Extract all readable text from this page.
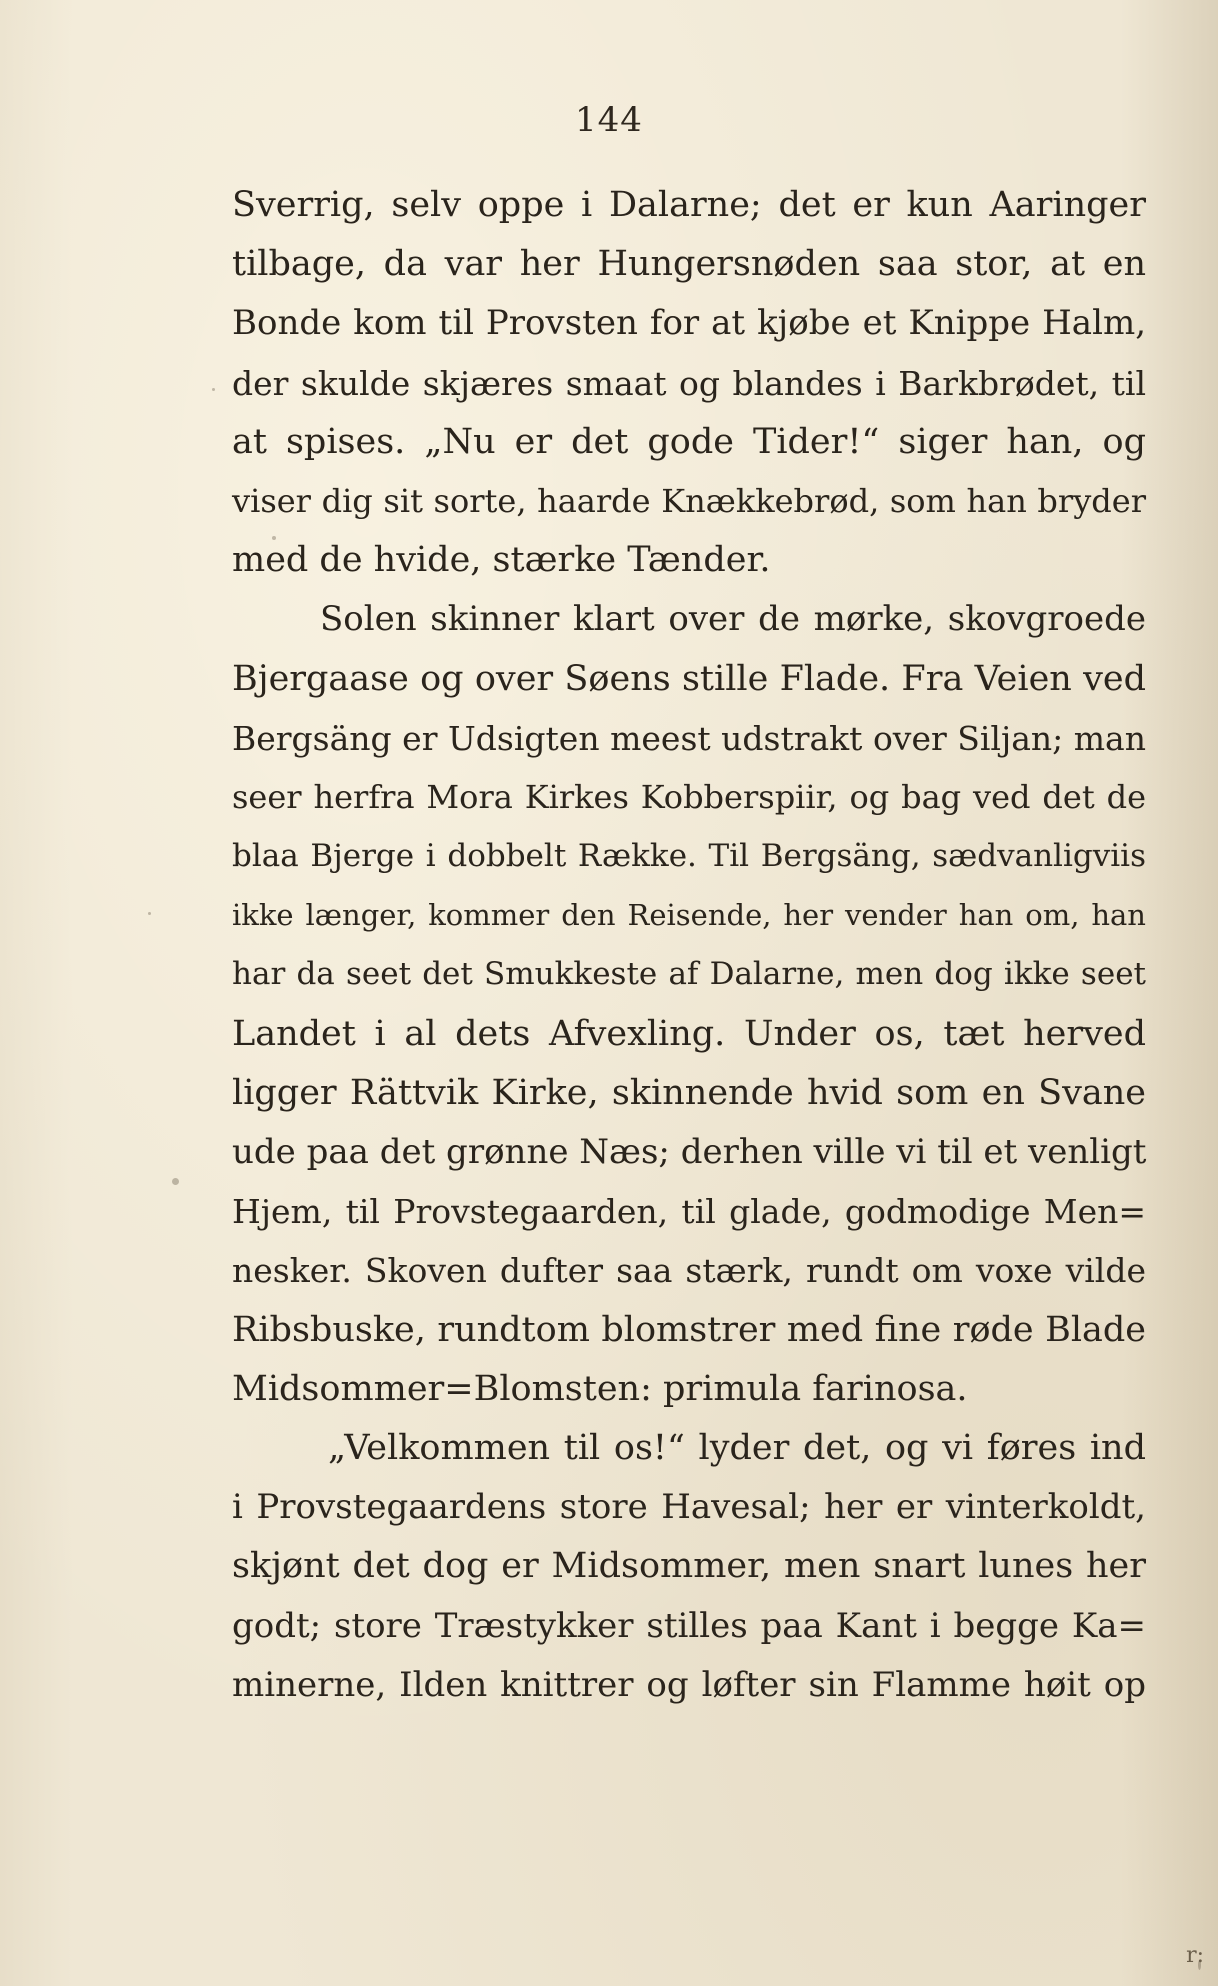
144
Sverrig, selv oppe i Dalarne; det er kun Aaringer
tilbage, da var her Hungersnøden saa stor, at en
Bonde kom til Provsten for at kjøbe et Knippe Halm,
der skulde skjæres smaat og blandes i Barkbrødet, til
at spises. „Nu er det gode Tider!“ siger han, og
viser dig sit sorte, haarde Knækkebrød, som han bryder
med de hvide, stærke Tænder.
Solen skinner klart over de mørke, skovgroede
Bjergaase og over Søens stille Flade. Fra Veien ved
Bergsäng er Udsigten meest udstrakt over Siljan; man
seer herfra Mora Kirkes Kobberspiir, og bag ved det de
blaa Bjerge i dobbelt Række. Til Bergsäng, sædvanligviis
ikke længer, kommer den Reisende, her vender han om, han
har da seet det Smukkeste af Dalarne, men dog ikke seet
Landet i al dets Afvexling. Under os, tæt herved
ligger Rättvik Kirke, skinnende hvid som en Svane
ude paa det grønne Næs; derhen ville vi til et venligt
Hjem, til Provstegaarden, til glade, godmodige Men=
nesker. Skoven dufter saa stærk, rundt om voxe vilde
Ribsbuske, rundtom blomstrer med fine røde Blade
Midsommer=Blomsten: primula farinosa.
„Velkommen til os!“ lyder det, og vi føres ind
i Provstegaardens store Havesal; her er vinterkoldt,
skjønt det dog er Midsommer, men snart lunes her
godt; store Træstykker stilles paa Kant i begge Ka=
minerne, Ilden knittrer og løfter sin Flamme høit op
r:
